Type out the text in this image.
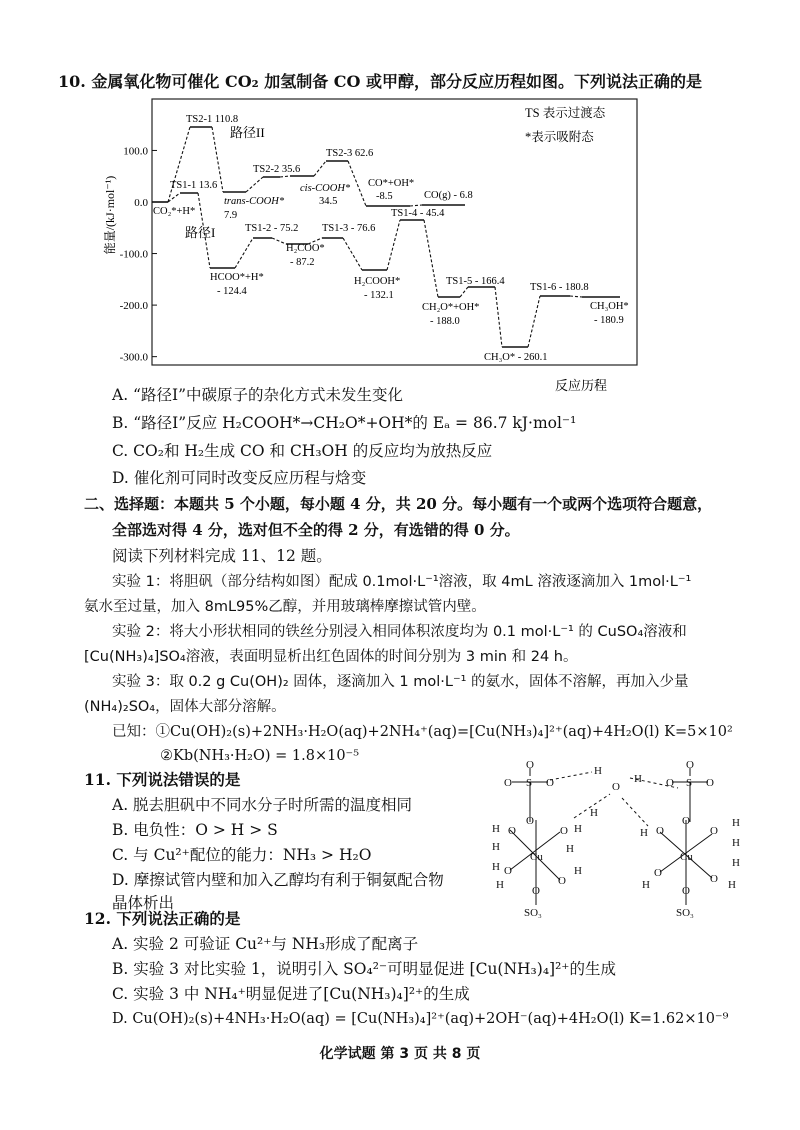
10. 金属氧化物可催化 CO₂ 加氢制备 CO 或甲醇，部分反应历程如图。下列说法正确的是
能量/(kJ·mol⁻¹)
100.0
0.0
-100.0
-200.0
-300.0
TS 表示过渡态
*表示吸附态
路径II
路径I
CO₂*+H*
TS2-1 110.8
TS1-1 13.6
trans-COOH*
7.9
TS2-2 35.6
cis-COOH*
34.5
TS2-3 62.6
CO*+OH*
-8.5	CO(g) - 6.8
HCOO*+H*
- 124.4
TS1-2 - 75.2
H₂COO*
- 87.2
TS1-3 - 76.6
H₂COOH*
- 132.1
TS1-4 - 45.4
CH₂O*+OH*
- 188.0
TS1-5 - 166.4
CH₃O* - 260.1
TS1-6 - 180.8
CH₃OH*
- 180.9
反应历程
A. “路径I”中碳原子的杂化方式未发生变化
B. “路径I”反应 H₂COOH*→CH₂O*+OH*的 Eₐ = 86.7 kJ·mol⁻¹
C. CO₂和 H₂生成 CO 和 CH₃OH 的反应均为放热反应
D. 催化剂可同时改变反应历程与焓变
二、选择题：本题共 5 个小题，每小题 4 分，共 20 分。每小题有一个或两个选项符合题意，
全部选对得 4 分，选对但不全的得 2 分，有选错的得 0 分。
阅读下列材料完成 11、12 题。
实验 1：将胆矾（部分结构如图）配成 0.1mol·L⁻¹溶液，取 4mL 溶液逐滴加入 1mol·L⁻¹
氨水至过量，加入 8mL95%乙醇，并用玻璃棒摩擦试管内壁。
实验 2：将大小形状相同的铁丝分别浸入相同体积浓度均为 0.1 mol·L⁻¹ 的 CuSO₄溶液和
[Cu(NH₃)₄]SO₄溶液，表面明显析出红色固体的时间分别为 3 min 和 24 h。
实验 3：取 0.2 g Cu(OH)₂ 固体，逐滴加入 1 mol·L⁻¹ 的氨水，固体不溶解，再加入少量
(NH₄)₂SO₄，固体大部分溶解。
已知：①Cu(OH)₂(s)+2NH₃·H₂O(aq)+2NH₄⁺(aq)=[Cu(NH₃)₄]²⁺(aq)+4H₂O(l) K=5×10²
②Kb(NH₃·H₂O) = 1.8×10⁻⁵
11. 下列说法错误的是
A. 脱去胆矾中不同水分子时所需的温度相同
B. 电负性：O > H > S
C. 与 Cu²⁺配位的能力：NH₃ > H₂O
D. 摩擦试管内壁和加入乙醇均有利于铜氨配合物
晶体析出
O
O S O
O
H
O
H
H
H O
H
O H
H
Cu
H O
H	O
H
O
SO₃
O
O S O
O
H O	O
H
H
Cu
O
H	O
H
H
O
SO₃
12. 下列说法正确的是
A. 实验 2 可验证 Cu²⁺与 NH₃形成了配离子
B. 实验 3 对比实验 1，说明引入 SO₄²⁻可明显促进 [Cu(NH₃)₄]²⁺的生成
C. 实验 3 中 NH₄⁺明显促进了[Cu(NH₃)₄]²⁺的生成
D. Cu(OH)₂(s)+4NH₃·H₂O(aq) = [Cu(NH₃)₄]²⁺(aq)+2OH⁻(aq)+4H₂O(l) K=1.62×10⁻⁹
化学试题 第 3 页 共 8 页
